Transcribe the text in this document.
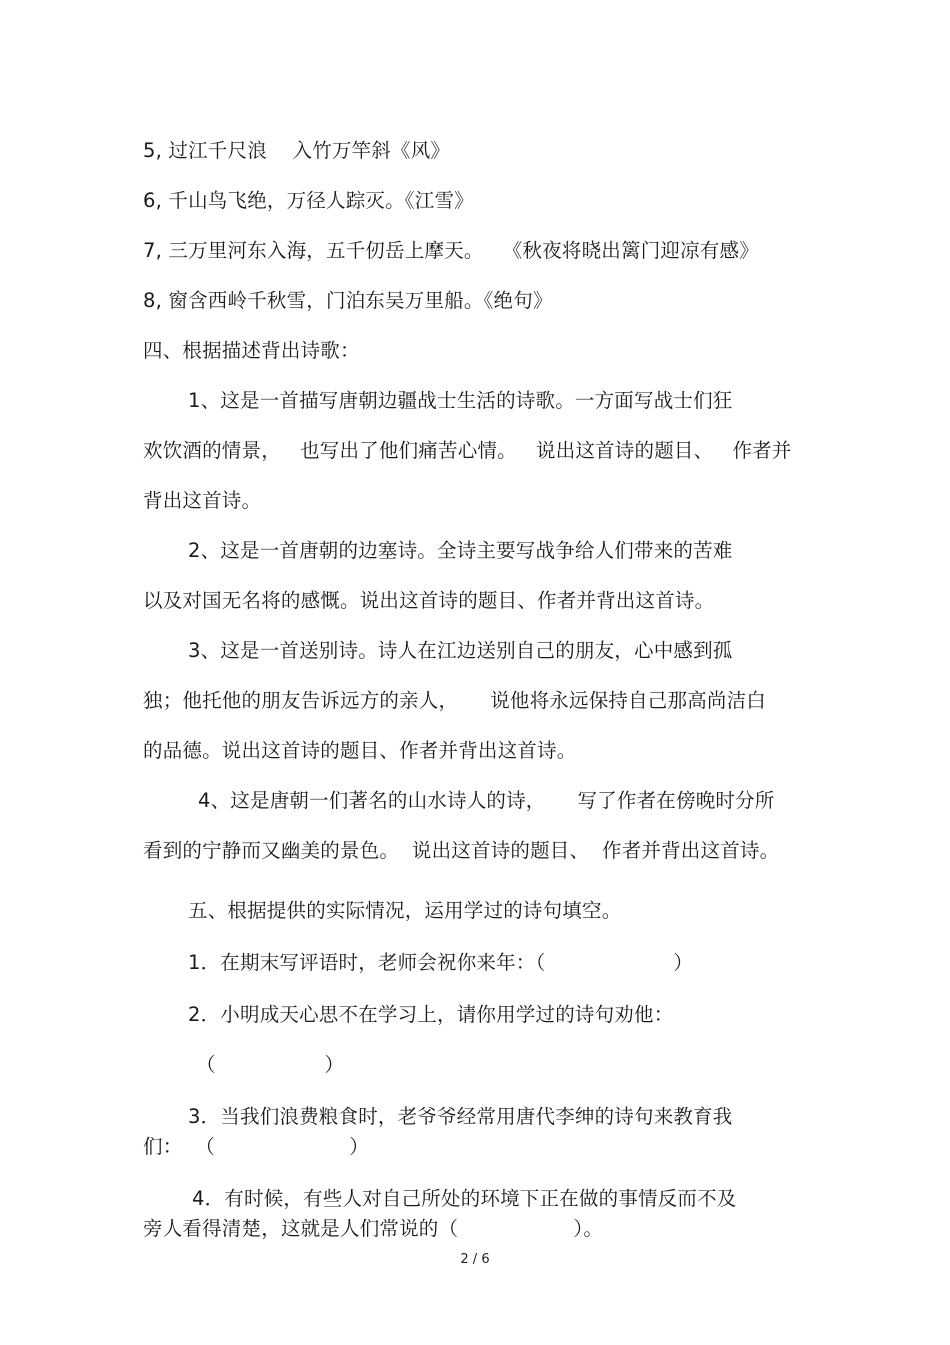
5, 过江千尺浪    入竹万竿斜《风》
6, 千山鸟飞绝，万径人踪灭。《江雪》
7, 三万里河东入海，五千仞岳上摩天。   《秋夜将晓出篱门迎凉有感》
8, 窗含西岭千秋雪，门泊东吴万里船。《绝句》
四、根据描述背出诗歌：
1、这是一首描写唐朝边疆战士生活的诗歌。一方面写战士们狂
欢饮酒的情景，   也写出了他们痛苦心情。   说出这首诗的题目、   作者并
背出这首诗。
2、这是一首唐朝的边塞诗。全诗主要写战争给人们带来的苦难
以及对国无名将的感慨。说出这首诗的题目、作者并背出这首诗。
3、这是一首送别诗。诗人在江边送别自己的朋友，心中感到孤
独；他托他的朋友告诉远方的亲人，     说他将永远保持自己那高尚洁白
的品德。说出这首诗的题目、作者并背出这首诗。
4、这是唐朝一们著名的山水诗人的诗，     写了作者在傍晚时分所
看到的宁静而又幽美的景色。  说出这首诗的题目、  作者并背出这首诗。
五、根据提供的实际情况，运用学过的诗句填空。
1．在期末写评语时，老师会祝你来年：（                    ）
2．小明成天心思不在学习上，请你用学过的诗句劝他：
（                 ）
3．当我们浪费粮食时，老爷爷经常用唐代李绅的诗句来教育我
们：  （                     ）
4．有时候，有些人对自己所处的环境下正在做的事情反而不及
旁人看得清楚，这就是人们常说的（                  ）。
2 / 6
